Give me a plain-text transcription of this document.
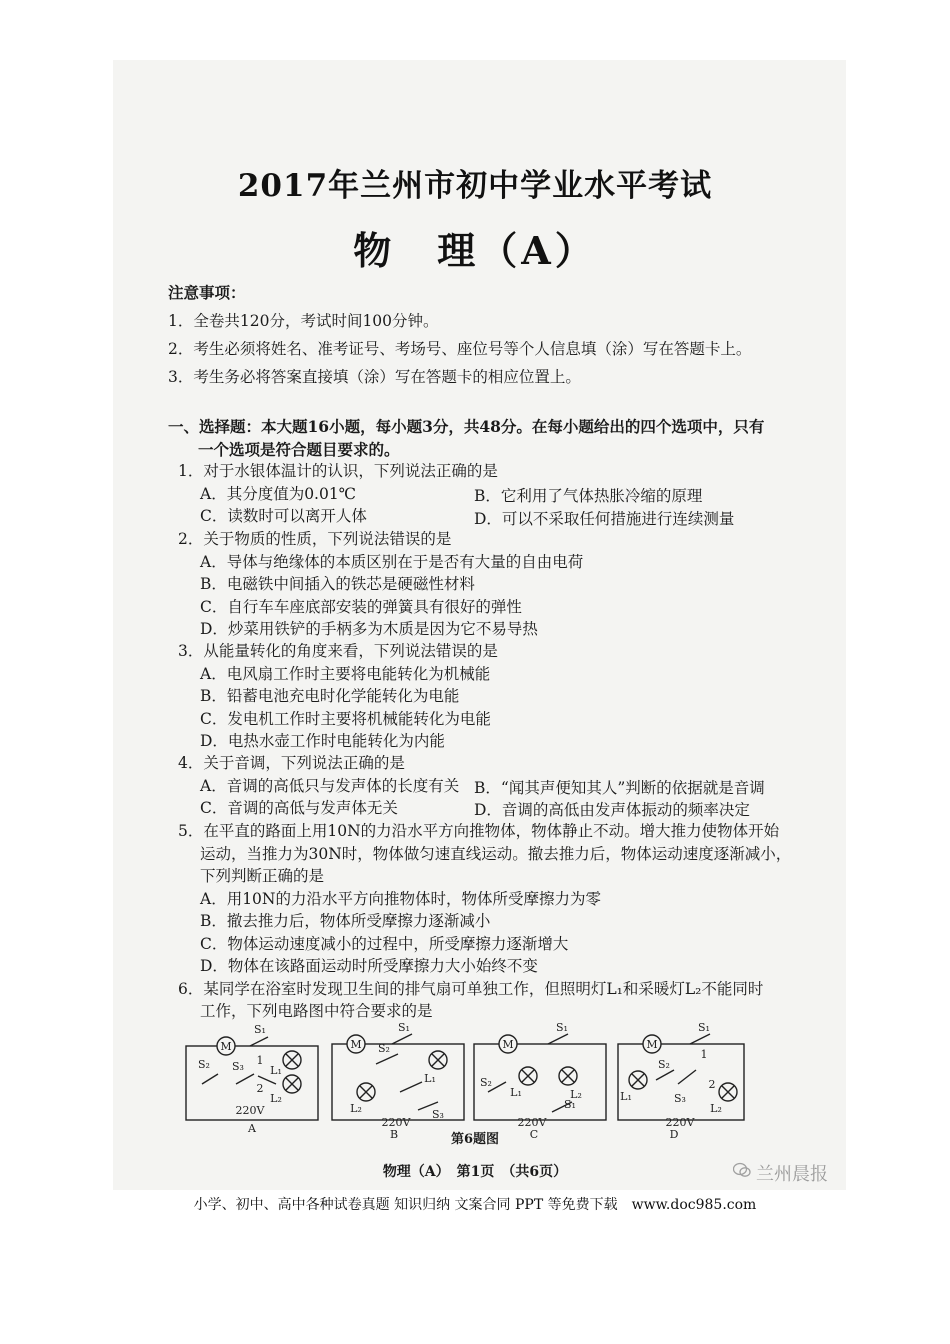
2017年兰州市初中学业水平考试
物　理（A）
注意事项：
1．全卷共120分，考试时间100分钟。
2．考生必须将姓名、准考证号、考场号、座位号等个人信息填（涂）写在答题卡上。
3．考生务必将答案直接填（涂）写在答题卡的相应位置上。
一、选择题：本大题16小题，每小题3分，共48分。在每小题给出的四个选项中，只有
一个选项是符合题目要求的。
1．对于水银体温计的认识，下列说法正确的是
A．其分度值为0.01℃	B．它利用了气体热胀冷缩的原理
C．读数时可以离开人体	D．可以不采取任何措施进行连续测量
2．关于物质的性质，下列说法错误的是
A．导体与绝缘体的本质区别在于是否有大量的自由电荷
B．电磁铁中间插入的铁芯是硬磁性材料
C．自行车车座底部安装的弹簧具有很好的弹性
D．炒菜用铁铲的手柄多为木质是因为它不易导热
3．从能量转化的角度来看，下列说法错误的是
A．电风扇工作时主要将电能转化为机械能
B．铅蓄电池充电时化学能转化为电能
C．发电机工作时主要将机械能转化为电能
D．电热水壶工作时电能转化为内能
4．关于音调，下列说法正确的是
A．音调的高低只与发声体的长度有关 B．“闻其声便知其人”判断的依据就是音调
C．音调的高低与发声体无关	D．音调的高低由发声体振动的频率决定
5．在平直的路面上用10N的力沿水平方向推物体，物体静止不动。增大推力使物体开始
运动，当推力为30N时，物体做匀速直线运动。撤去推力后，物体运动速度逐渐减小，
下列判断正确的是
A．用10N的力沿水平方向推物体时，物体所受摩擦力为零
B．撤去推力后，物体所受摩擦力逐渐减小
C．物体运动速度减小的过程中，所受摩擦力逐渐增大
D．物体在该路面运动时所受摩擦力大小始终不变
6．某同学在浴室时发现卫生间的排气扇可单独工作，但照明灯L₁和采暖灯L₂不能同时
工作，下列电路图中符合要求的是
M	M	M	M
S₁
S₂ S₃ 1
2
L₁
L₂
220V
A
S₁
S₂
L₁
L₂	S₃
220V
B
S₁
S₂
L₁	L₂
S₁
220V
C
S₁
1
S₂
L₁	S₃
2
L₂
220V
D
第6题图
物理（A）　第1页　（共6页）	兰州晨报
小学、初中、高中各种试卷真题 知识归纳 文案合同 PPT 等免费下载　www.doc985.com
